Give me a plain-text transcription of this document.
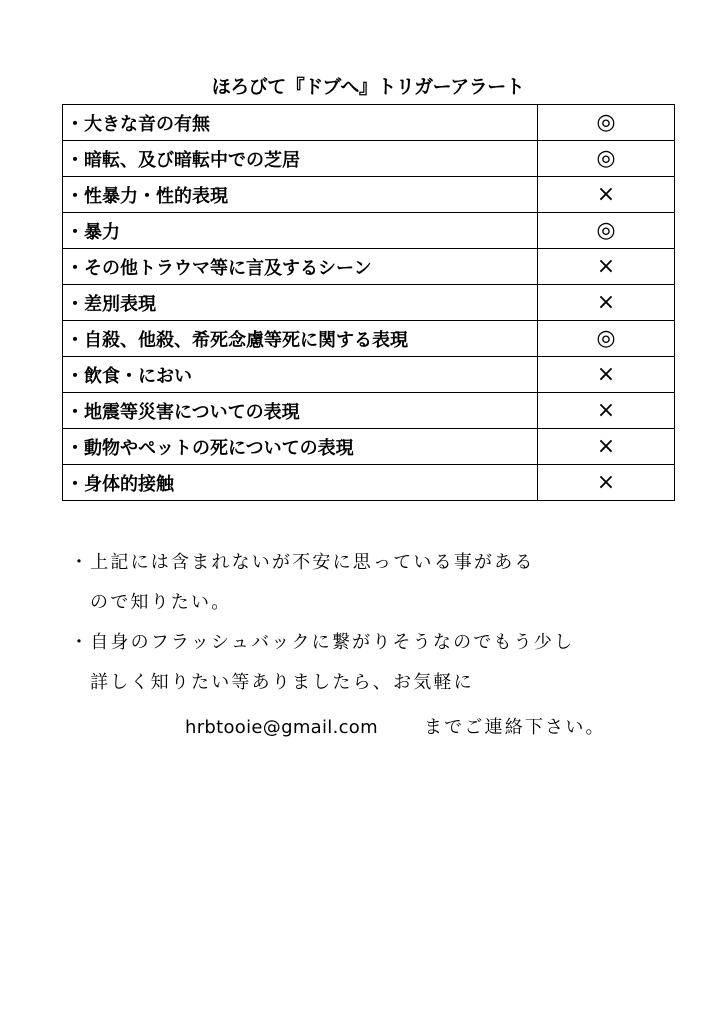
ほろびて『ドブへ』トリガーアラート
・大きな音の有無	◎
・暗転、及び暗転中での芝居	◎
・性暴力・性的表現	×
・暴力	◎
・その他トラウマ等に言及するシーン	×
・差別表現	×
・自殺、他殺、希死念慮等死に関する表現	◎
・飲食・におい	×
・地震等災害についての表現	×
・動物やペットの死についての表現	×
・身体的接触	×
・上記には含まれないが不安に思っている事がある
ので知りたい。
・自身のフラッシュバックに繋がりそうなのでもう少し
詳しく知りたい等ありましたら、お気軽に
hrbtooie@gmail.com	までご連絡下さい。
